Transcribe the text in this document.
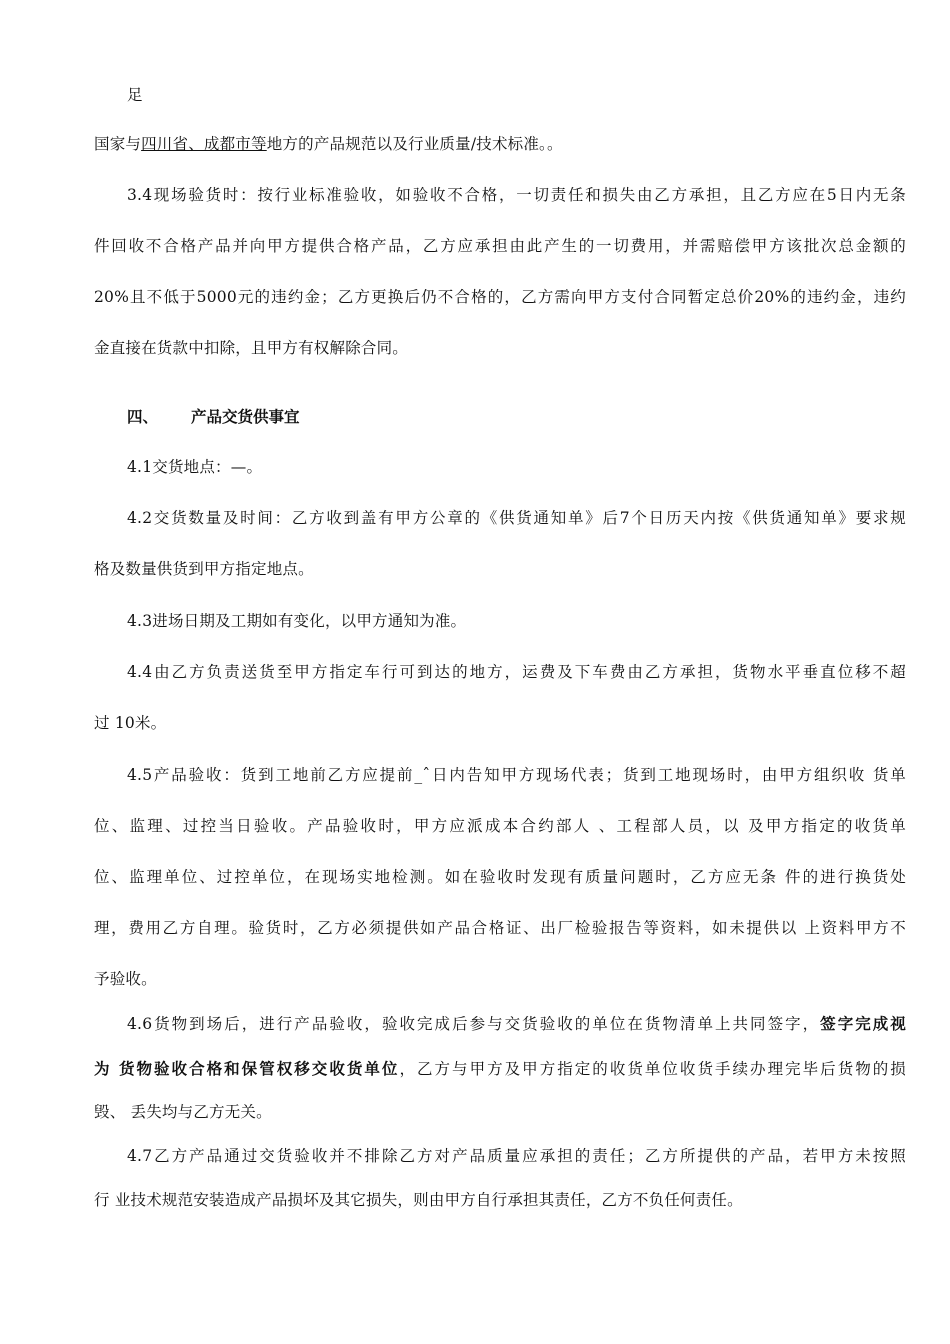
足
国家与四川省、成都市等地方的产品规范以及行业质量/技术标准。。
3.4现场验货时：按行业标准验收，如验收不合格，一切责任和损失由乙方承担，且乙方应在5日内无条
件回收不合格产品并向甲方提供合格产品，乙方应承担由此产生的一切费用，并需赔偿甲方该批次总金额的
20%且不低于5000元的违约金；乙方更换后仍不合格的，乙方需向甲方支付合同暂定总价20%的违约金，违约
金直接在货款中扣除，且甲方有权解除合同。
四、 产品交货供事宜
4.1交货地点：—。
4.2交货数量及时间：乙方收到盖有甲方公章的《供货通知单》后7个日历天内按《供货通知单》要求规
格及数量供货到甲方指定地点。
4.3进场日期及工期如有变化，以甲方通知为准。
4.4由乙方负责送货至甲方指定车行可到达的地方，运费及下车费由乙方承担，货物水平垂直位移不超
过 10米。
4.5产品验收：货到工地前乙方应提前_ˆ日内告知甲方现场代表；货到工地现场时，由甲方组织收 货单
位、监理、过控当日验收。产品验收时，甲方应派成本合约部人 、工程部人员，以 及甲方指定的收货单
位、监理单位、过控单位，在现场实地检测。如在验收时发现有质量问题时，乙方应无条 件的进行换货处
理，费用乙方自理。验货时，乙方必须提供如产品合格证、出厂检验报告等资料，如未提供以 上资料甲方不
予验收。
4.6货物到场后，进行产品验收，验收完成后参与交货验收的单位在货物清单上共同签字，签字完成视
为 货物验收合格和保管权移交收货单位，乙方与甲方及甲方指定的收货单位收货手续办理完毕后货物的损
毁、 丢失均与乙方无关。
4.7乙方产品通过交货验收并不排除乙方对产品质量应承担的责任；乙方所提供的产品，若甲方未按照
行 业技术规范安装造成产品损坏及其它损失，则由甲方自行承担其责任，乙方不负任何责任。
